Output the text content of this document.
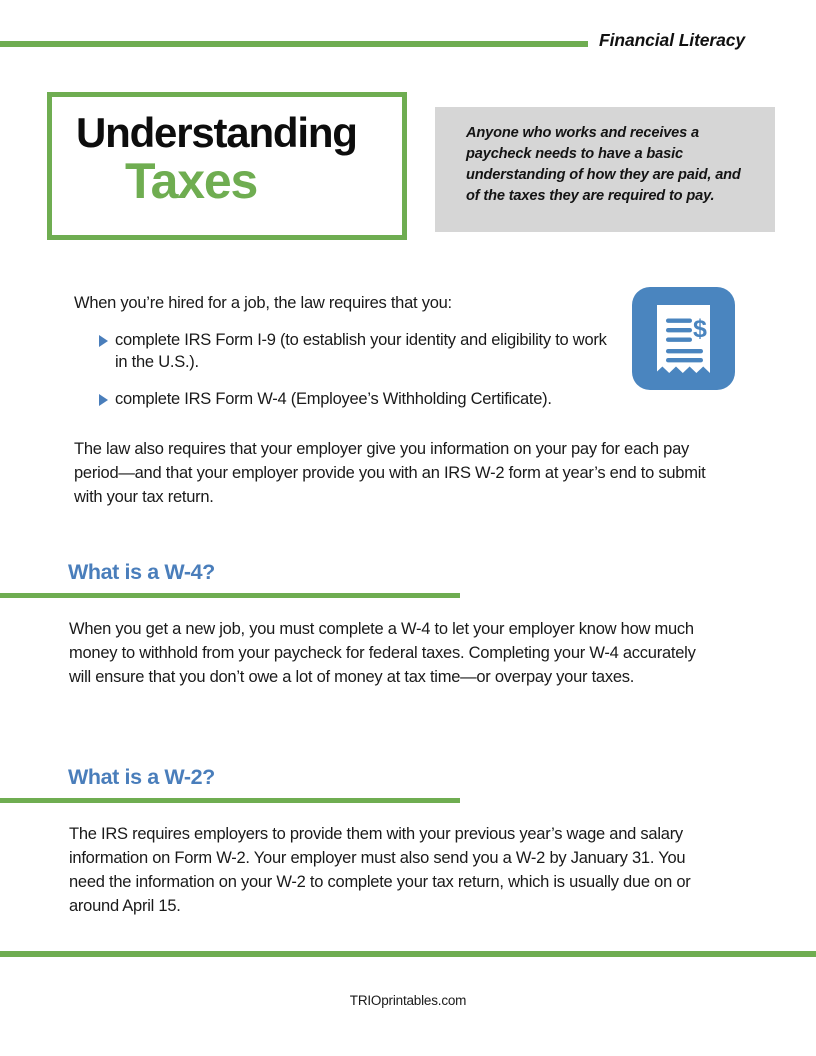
Financial Literacy
Understanding
Taxes
Anyone who works and receives a paycheck needs to have a basic understanding of how they are paid, and of the taxes they are required to pay.
$
When you’re hired for a job, the law requires that you:
complete IRS Form I-9 (to establish your identity and eligibility to work in the U.S.).
complete IRS Form W-4 (Employee’s Withholding Certificate).
The law also requires that your employer give you information on your pay for each pay period—and that your employer provide you with an IRS W-2 form at year’s end to submit with your tax return.
What is a W-4?
When you get a new job, you must complete a W-4 to let your employer know how much money to withhold from your paycheck for federal taxes. Completing your W-4 accurately will ensure that you don’t owe a lot of money at tax time—or overpay your taxes.
What is a W-2?
The IRS requires employers to provide them with your previous year’s wage and salary information on Form W-2. Your employer must also send you a W-2 by January 31. You need the information on your W-2 to complete your tax return, which is usually due on or around April 15.
TRIOprintables.com
